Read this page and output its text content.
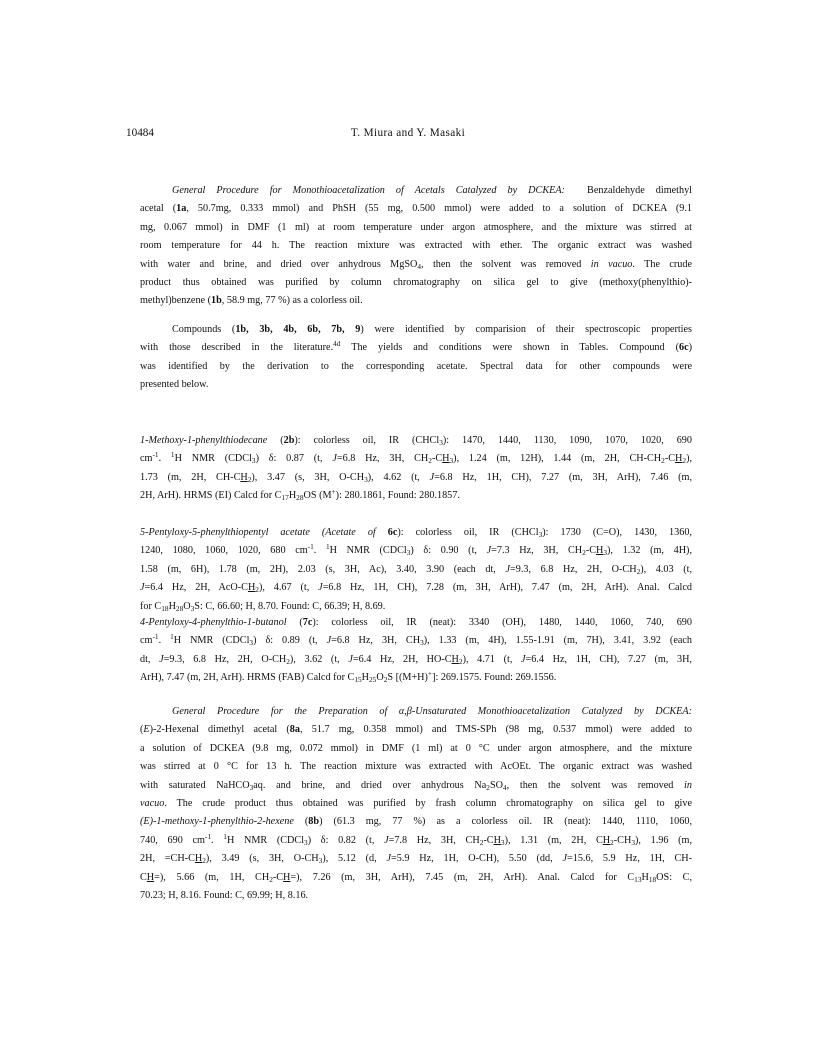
10484	T. Miura and Y. Masaki
General Procedure for Monothioacetalization of Acetals Catalyzed by DCKEA: Benzaldehyde dimethyl
acetal (1a, 50.7mg, 0.333 mmol) and PhSH (55 mg, 0.500 mmol) were added to a solution of DCKEA (9.1
mg, 0.067 mmol) in DMF (1 ml) at room temperature under argon atmosphere, and the mixture was stirred at
room temperature for 44 h. The reaction mixture was extracted with ether. The organic extract was washed
with water and brine, and dried over anhydrous MgSO$_4$, then the solvent was removed in vacuo. The crude
product thus obtained was purified by column chromatography on silica gel to give (methoxy(phenylthio)-
methyl)benzene (1b, 58.9 mg, 77 %) as a colorless oil.
Compounds (1b, 3b, 4b, 6b, 7b, 9) were identified by comparision of their spectroscopic properties
with those described in the literature.$^{4d}$ The yields and conditions were shown in Tables. Compound (6c)
was identified by the derivation to the corresponding acetate. Spectral data for other compounds were
presented below.
1-Methoxy-1-phenylthiodecane (2b): colorless oil, IR (CHCl$_3$): 1470, 1440, 1130, 1090, 1070, 1020, 690
$cm^{-1}$. $^1$H NMR (CDCl$_3$) δ: 0.87 (t, J=6.8 Hz, 3H, $CH_2-CH_3$), 1.24 (m, 12H), 1.44 (m, 2H, $CH-CH_2-CH_2$),
1.73 (m, 2H, $CH-CH_2$), 3.47 (s, 3H, $O-CH_3$), 4.62 (t, J=6.8 Hz, 1H, CH), 7.27 (m, 3H, ArH), 7.46 (m,
2H, ArH). HRMS (EI) Calcd for $C_{17}H_{28}OS$ (M+): 280.1861, Found: 280.1857.
5-Pentyloxy-5-phenylthiopentyl acetate (Acetate of 6c): colorless oil, IR (CHCl$_3$): 1730 (C=O), 1430, 1360,
1240, 1080, 1060, 1020, 680 $cm^{-1}$. $^1$H NMR (CDCl$_3$) δ: 0.90 (t, J=7.3 Hz, 3H, $CH_2-CH_3$), 1.32 (m, 4H),
1.58 (m, 6H), 1.78 (m, 2H), 2.03 (s, 3H, Ac), 3.40, 3.90 (each dt, J=9.3, 6.8 Hz, 2H, $O-CH_2$), 4.03 (t,
J=6.4 Hz, 2H, AcO-$CH_2$), 4.67 (t, J=6.8 Hz, 1H, CH), 7.28 (m, 3H, ArH), 7.47 (m, 2H, ArH). Anal. Calcd
for $C_{18}H_{28}O_3S$: C, 66.60; H, 8.70. Found: C, 66.39; H, 8.69.
4-Pentyloxy-4-phenylthio-1-butanol (7c): colorless oil, IR (neat): 3340 (OH), 1480, 1440, 1060, 740, 690
$cm^{-1}$. $^1$H NMR (CDCl$_3$) δ: 0.89 (t, J=6.8 Hz, 3H, $CH_3$), 1.33 (m, 4H), 1.55-1.91 (m, 7H), 3.41, 3.92 (each
dt, J=9.3, 6.8 Hz, 2H, $O-CH_2$), 3.62 (t, J=6.4 Hz, 2H, $HO-CH_2$), 4.71 (t, J=6.4 Hz, 1H, CH), 7.27 (m, 3H,
ArH), 7.47 (m, 2H, ArH). HRMS (FAB) Calcd for $C_{15}H_{25}O_2S$ [(M+H)+]: 269.1575. Found: 269.1556.
General Procedure for the Preparation of α,β-Unsaturated Monothioacetalization Catalyzed by DCKEA:
(E)-2-Hexenal dimethyl acetal (8a, 51.7 mg, 0.358 mmol) and TMS-SPh (98 mg, 0.537 mmol) were added to
a solution of DCKEA (9.8 mg, 0.072 mmol) in DMF (1 ml) at 0 °C under argon atmosphere, and the mixture
was stirred at 0 °C for 13 h. The reaction mixture was extracted with AcOEt. The organic extract was washed
with saturated NaHCO$_3$aq. and brine, and dried over anhydrous $Na_2SO_4$, then the solvent was removed in
vacuo. The crude product thus obtained was purified by frash column chromatography on silica gel to give
(E)-1-methoxy-1-phenylthio-2-hexene (8b) (61.3 mg, 77 %) as a colorless oil. IR (neat): 1440, 1110, 1060,
740, 690 $cm^{-1}$. $^1$H NMR (CDCl$_3$) δ: 0.82 (t, J=7.8 Hz, 3H, $CH_2-CH_3$), 1.31 (m, 2H, $CH_2-CH_3$), 1.96 (m,
2H, $=CH-CH_2$), 3.49 (s, 3H, $O-CH_3$), 5.12 (d, J=5.9 Hz, 1H, O-CH), 5.50 (dd, J=15.6, 5.9 Hz, 1H, CH-
CH=), 5.66 (m, 1H, $CH_2-CH=$), 7.26 (m, 3H, ArH), 7.45 (m, 2H, ArH). Anal. Calcd for $C_{13}H_{18}OS$: C,
70.23; H, 8.16. Found: C, 69.99; H, 8.16.
